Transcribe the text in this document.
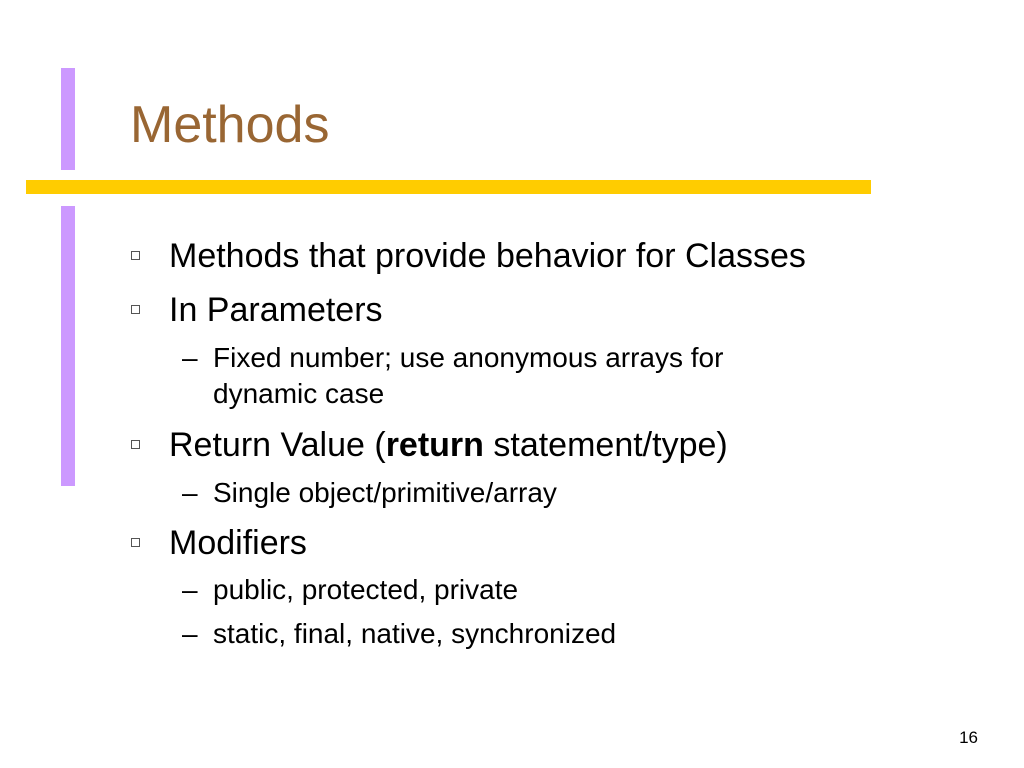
Methods
Methods that provide behavior for Classes
In Parameters
– Fixed number; use anonymous arrays for
dynamic case
Return Value (return statement/type)
– Single object/primitive/array
Modifiers
– public, protected, private
– static, final, native, synchronized
16
